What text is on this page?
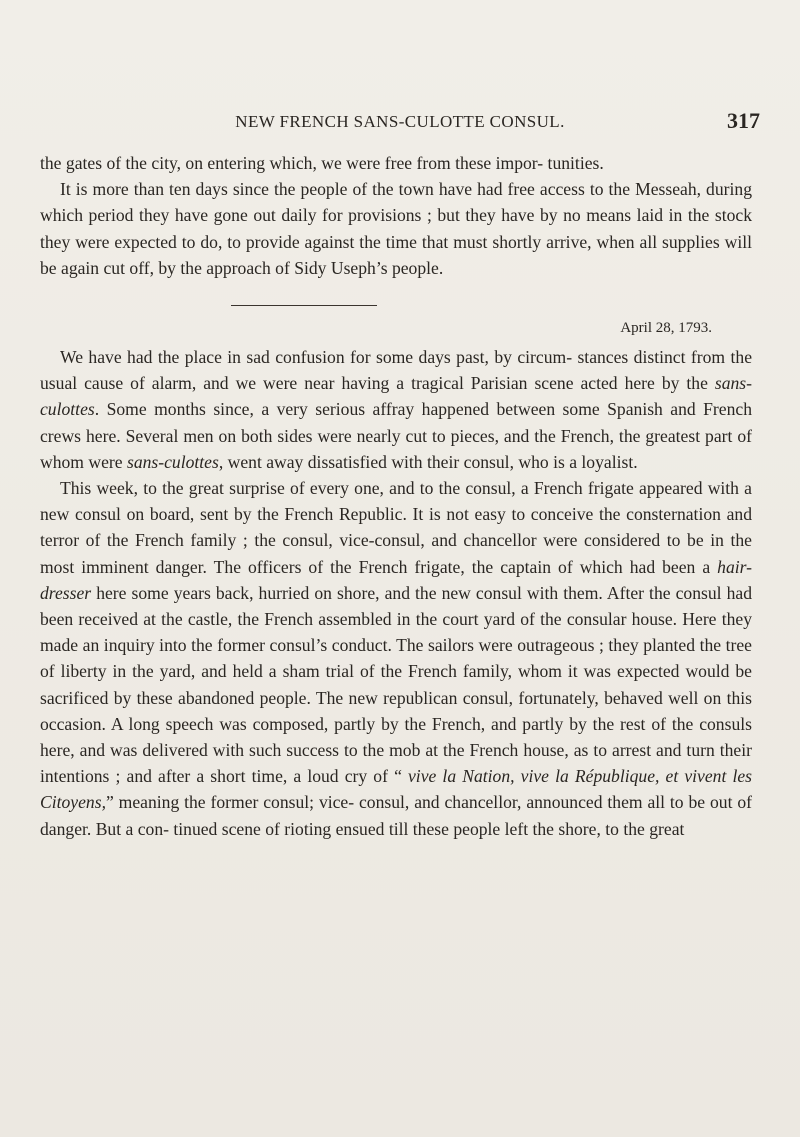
NEW FRENCH SANS-CULOTTE CONSUL.	317

the gates of the city, on entering which, we were free from these impor- tunities.

It is more than ten days since the people of the town have had free access to the Messeah, during which period they have gone out daily for provisions ; but they have by no means laid in the stock they were expected to do, to provide against the time that must shortly arrive, when all supplies will be again cut off, by the approach of Sidy Useph’s people.

April 28, 1793.

We have had the place in sad confusion for some days past, by circum- stances distinct from the usual cause of alarm, and we were near having a tragical Parisian scene acted here by the sans-culottes. Some months since, a very serious affray happened between some Spanish and French crews here. Several men on both sides were nearly cut to pieces, and the French, the greatest part of whom were sans-culottes, went away dissatisfied with their consul, who is a loyalist.

This week, to the great surprise of every one, and to the consul, a French frigate appeared with a new consul on board, sent by the French Republic. It is not easy to conceive the consternation and terror of the French family ; the consul, vice-consul, and chancellor were considered to be in the most imminent danger. The officers of the French frigate, the captain of which had been a hair-dresser here some years back, hurried on shore, and the new consul with them. After the consul had been received at the castle, the French assembled in the court yard of the consular house. Here they made an inquiry into the former consul’s conduct. The sailors were outrageous ; they planted the tree of liberty in the yard, and held a sham trial of the French family, whom it was expected would be sacrificed by these abandoned people. The new republican consul, fortunately, behaved well on this occasion. A long speech was composed, partly by the French, and partly by the rest of the consuls here, and was delivered with such success to the mob at the French house, as to arrest and turn their intentions ; and after a short time, a loud cry of “ vive la Nation, vive la République, et vivent les Citoyens,” meaning the former consul; vice- consul, and chancellor, announced them all to be out of danger. But a con- tinued scene of rioting ensued till these people left the shore, to the great
